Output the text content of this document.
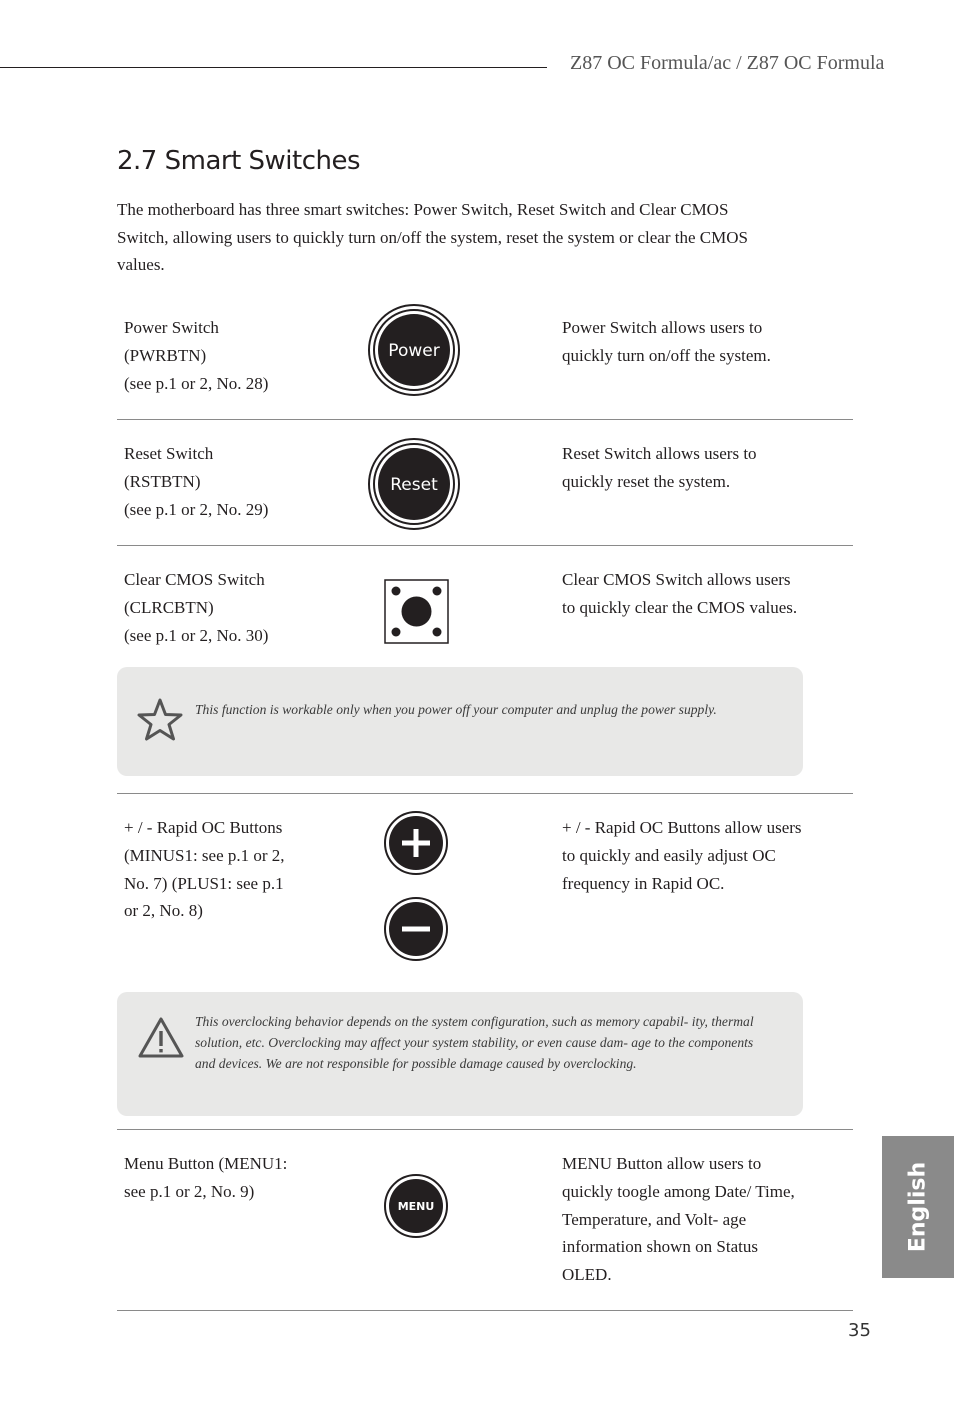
Z87 OC Formula/ac / Z87 OC Formula
2.7 Smart Switches
The motherboard has three smart switches: Power Switch, Reset Switch and Clear CMOS Switch, allowing users to quickly turn on/off the system, reset the system or clear the CMOS values.
Power Switch
(PWRBTN)
(see p.1 or 2, No. 28)
Power
Power Switch allows users to quickly turn on/off the system.
Reset Switch
(RSTBTN)
(see p.1 or 2, No. 29)
Reset
Reset Switch allows users to quickly reset the system.
Clear CMOS Switch
(CLRCBTN)
(see p.1 or 2, No. 30)
Clear CMOS Switch allows users to quickly clear the CMOS values.
This function is workable only when you power off your computer and unplug the power supply.
+ / - Rapid OC Buttons (MINUS1: see p.1 or 2, No. 7) (PLUS1: see p.1 or 2, No. 8)
+ / - Rapid OC Buttons allow users to quickly and easily adjust OC frequency in Rapid OC.
This overclocking behavior depends on the system configuration, such as memory capabil- ity, thermal solution, etc. Overclocking may affect your system stability, or even cause dam- age to the components and devices. We are not responsible for possible damage caused by overclocking.
Menu Button (MENU1: see p.1 or 2, No. 9)
MENU
MENU Button allow users to quickly toogle among Date/ Time, Temperature, and Volt- age information shown on Status OLED.
English
35
